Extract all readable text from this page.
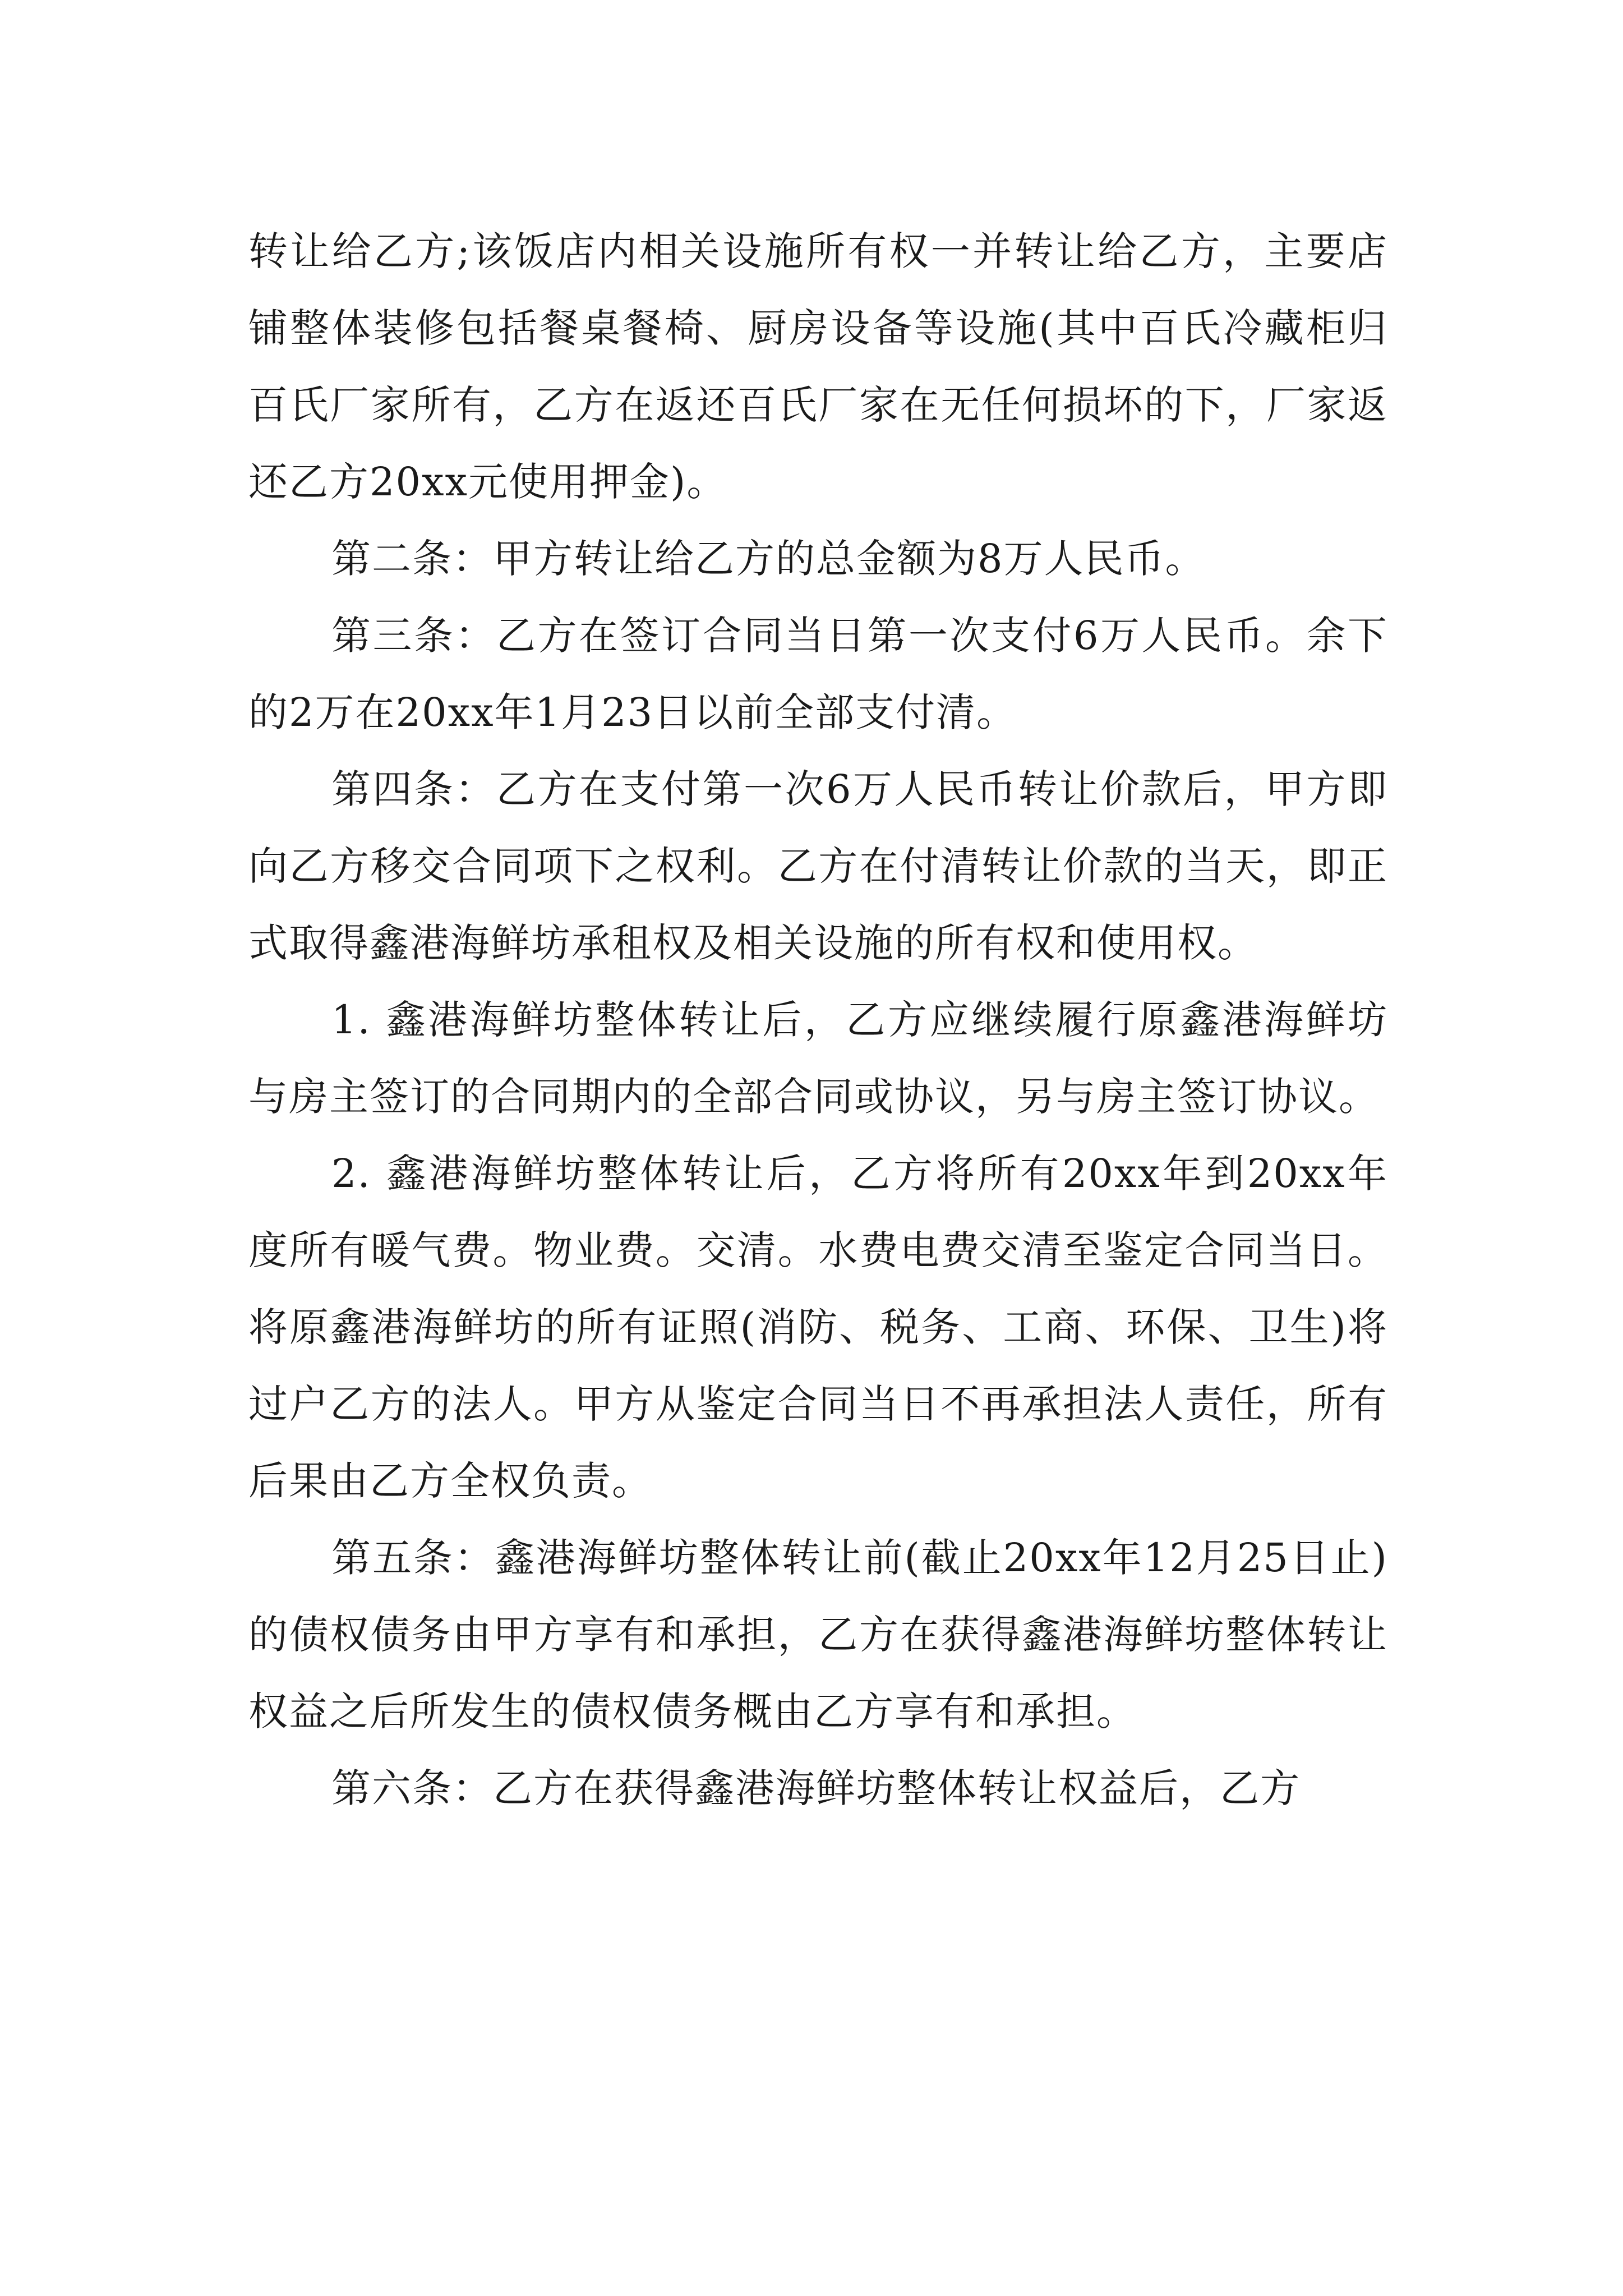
转让给乙方;该饭店内相关设施所有权一并转让给乙方，主要店铺整体装修包括餐桌餐椅、厨房设备等设施(其中百氏冷藏柜归百氏厂家所有，乙方在返还百氏厂家在无任何损坏的下，厂家返还乙方20xx元使用押金)。

第二条：甲方转让给乙方的总金额为8万人民币。

第三条：乙方在签订合同当日第一次支付6万人民币。余下的2万在20xx年1月23日以前全部支付清。

第四条：乙方在支付第一次6万人民币转让价款后，甲方即向乙方移交合同项下之权利。乙方在付清转让价款的当天，即正式取得鑫港海鲜坊承租权及相关设施的所有权和使用权。

1. 鑫港海鲜坊整体转让后，乙方应继续履行原鑫港海鲜坊与房主签订的合同期内的全部合同或协议，另与房主签订协议。

2. 鑫港海鲜坊整体转让后，乙方将所有20xx年到20xx年度所有暖气费。物业费。交清。水费电费交清至鉴定合同当日。将原鑫港海鲜坊的所有证照(消防、税务、工商、环保、卫生)将过户乙方的法人。甲方从鉴定合同当日不再承担法人责任，所有后果由乙方全权负责。

第五条：鑫港海鲜坊整体转让前(截止20xx年12月25日止)的债权债务由甲方享有和承担，乙方在获得鑫港海鲜坊整体转让权益之后所发生的债权债务概由乙方享有和承担。

第六条：乙方在获得鑫港海鲜坊整体转让权益后，乙方
